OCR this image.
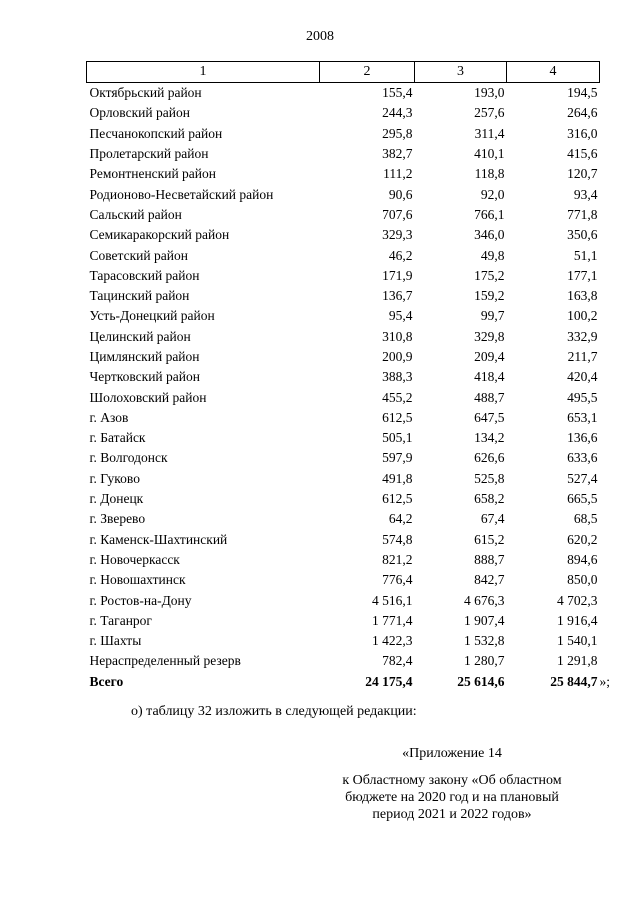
2008
1	2	3	4
Октябрьский район	155,4	193,0	194,5
Орловский район	244,3	257,6	264,6
Песчанокопский район	295,8	311,4	316,0
Пролетарский район	382,7	410,1	415,6
Ремонтненский район	111,2	118,8	120,7
Родионово-Несветайский район	90,6	92,0	93,4
Сальский район	707,6	766,1	771,8
Семикаракорский район	329,3	346,0	350,6
Советский район	46,2	49,8	51,1
Тарасовский район	171,9	175,2	177,1
Тацинский район	136,7	159,2	163,8
Усть-Донецкий район	95,4	99,7	100,2
Целинский район	310,8	329,8	332,9
Цимлянский район	200,9	209,4	211,7
Чертковский район	388,3	418,4	420,4
Шолоховский район	455,2	488,7	495,5
г. Азов	612,5	647,5	653,1
г. Батайск	505,1	134,2	136,6
г. Волгодонск	597,9	626,6	633,6
г. Гуково	491,8	525,8	527,4
г. Донецк	612,5	658,2	665,5
г. Зверево	64,2	67,4	68,5
г. Каменск-Шахтинский	574,8	615,2	620,2
г. Новочеркасск	821,2	888,7	894,6
г. Новошахтинск	776,4	842,7	850,0
г. Ростов-на-Дону	4 516,1	4 676,3	4 702,3
г. Таганрог	1 771,4	1 907,4	1 916,4
г. Шахты	1 422,3	1 532,8	1 540,1
Нераспределенный резерв	782,4	1 280,7	1 291,8
Всего	24 175,4	25 614,6	25 844,7 »;
о) таблицу 32 изложить в следующей редакции:
«Приложение 14
к Областному закону «Об областном
бюджете на 2020 год и на плановый
период 2021 и 2022 годов»
